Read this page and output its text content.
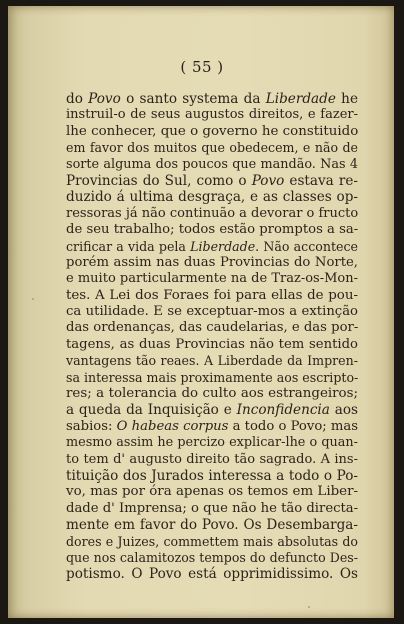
( 55 )
do Povo o santo systema da Liberdade he
instruil-o de seus augustos direitos, e fazer-
lhe conhecer, que o governo he constituido
em favor dos muitos que obedecem, e não de
sorte alguma dos poucos que mandão. Nas 4
Provincias do Sul, como o Povo estava re-
duzido á ultima desgraça, e as classes op-
ressoras já não continuão a devorar o fructo
de seu trabalho; todos estão promptos a sa-
crificar a vida pela Liberdade. Não accontece
porém assim nas duas Provincias do Norte,
e muito particularmente na de Traz-os-Mon-
tes. A Lei dos Foraes foi para ellas de pou-
ca utilidade. E se exceptuar-mos a extinção
das ordenanças, das caudelarias, e das por-
tagens, as duas Provincias não tem sentido
vantagens tão reaes. A Liberdade da Impren-
sa interessa mais proximamente aos escripto-
res; a tolerancia do culto aos estrangeiros;
a queda da Inquisição e Inconfidencia aos
sabios: O habeas corpus a todo o Povo; mas
mesmo assim he percizo explicar-lhe o quan-
to tem d' augusto direito tão sagrado. A ins-
tituição dos Jurados interessa a todo o Po-
vo, mas por óra apenas os temos em Liber-
dade d' Imprensa; o que não he tão directa-
mente em favor do Povo. Os Desembarga-
dores e Juizes, commettem mais absolutas do
que nos calamitozos tempos do defuncto Des-
potismo. O Povo está opprimidissimo. Os
